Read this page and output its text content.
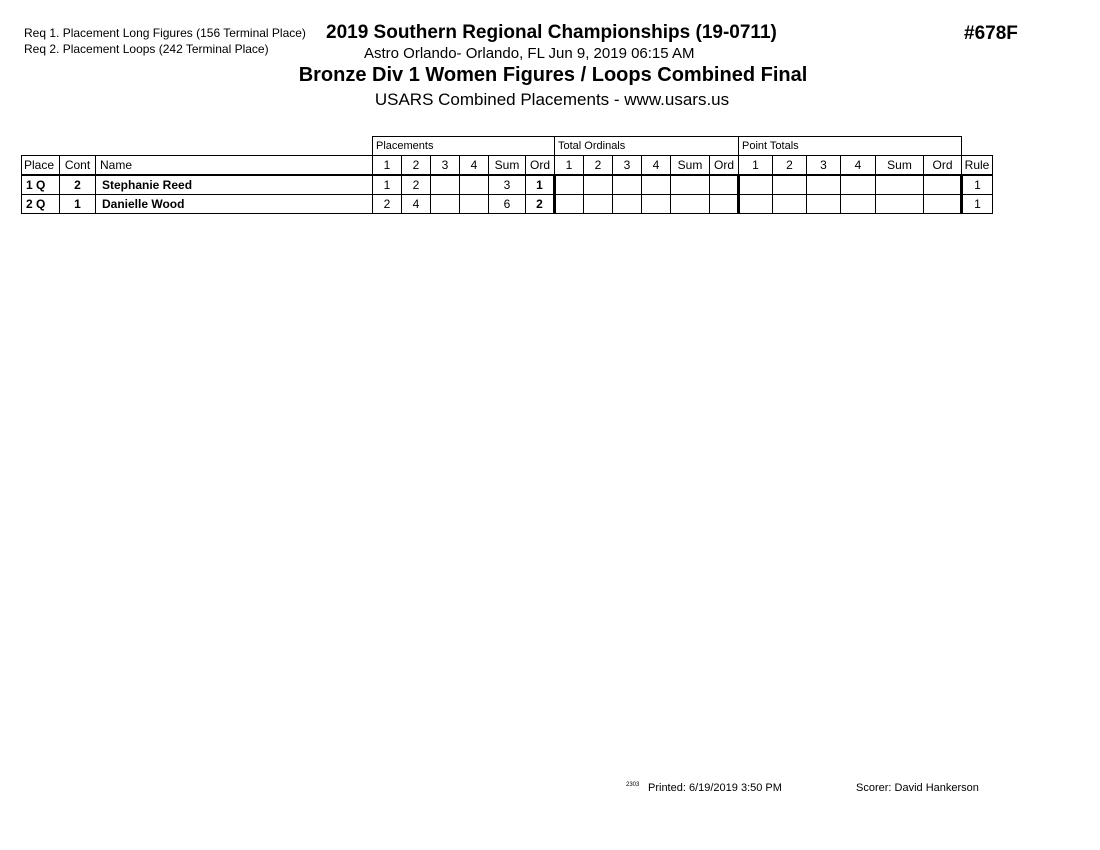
Req 1. Placement Long Figures (156 Terminal Place)
Req 2. Placement Loops (242 Terminal Place)
2019 Southern Regional Championships (19-0711)
Astro Orlando- Orlando, FL Jun 9, 2019 06:15 AM
#678F
Bronze Div 1 Women Figures / Loops Combined Final
USARS Combined Placements - www.usars.us
			Placements						Total Ordinals						Point Totals						
Place	Cont	Name	1	2	3	4	Sum	Ord	1	2	3	4	Sum	Ord	1	2	3	4	Sum	Ord	Rule
1 Q	2	Stephanie Reed	1	2			3	1													1
2 Q	1	Danielle Wood	2	4			6	2													1
2303 Printed: 6/19/2019 3:50 PM	Scorer: David Hankerson
